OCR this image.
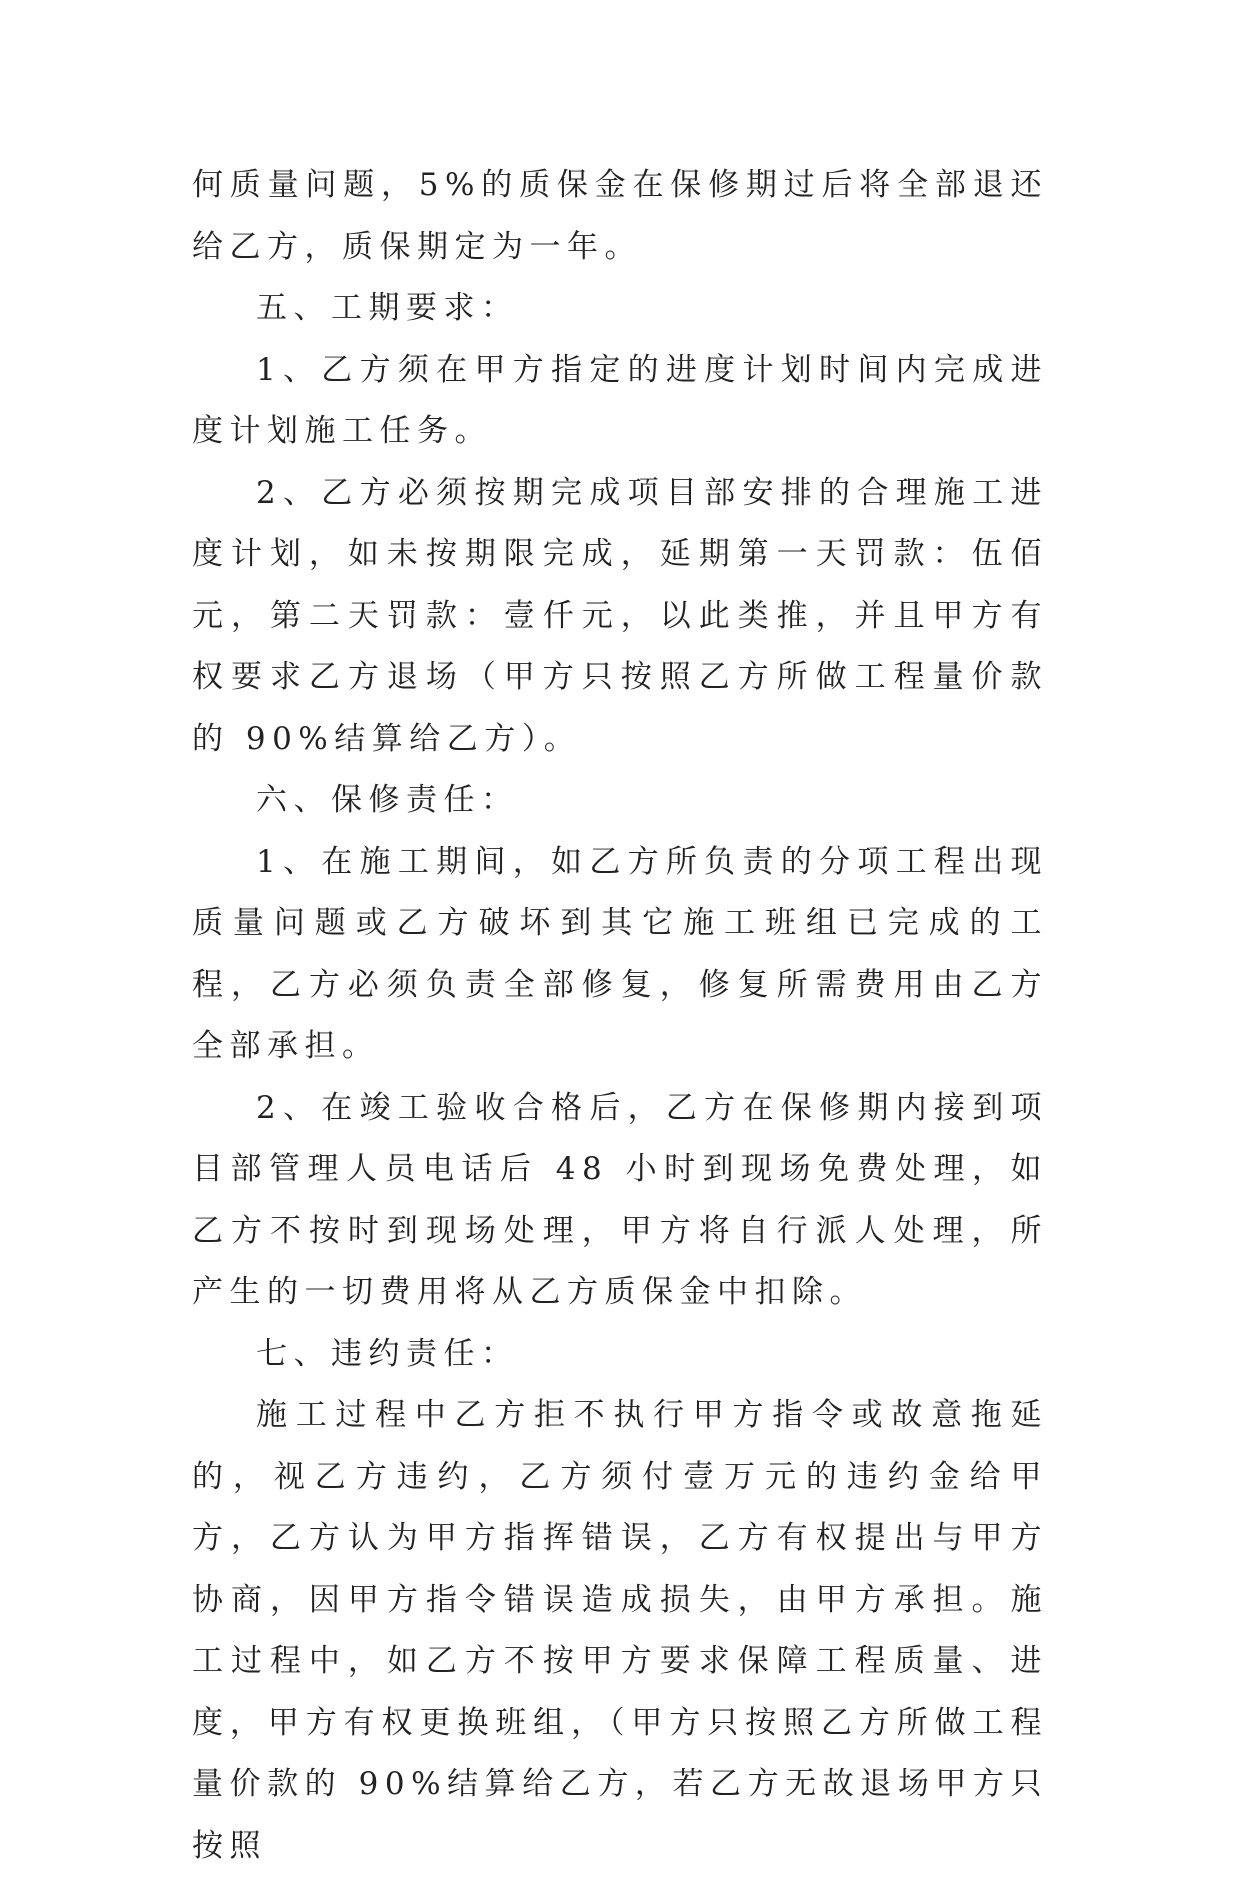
何质量问题，5%的质保金在保修期过后将全部退还给乙方，质保期定为一年。

五、工期要求：

1、乙方须在甲方指定的进度计划时间内完成进度计划施工任务。

2、乙方必须按期完成项目部安排的合理施工进度计划，如未按期限完成，延期第一天罚款：伍佰元，第二天罚款：壹仟元，以此类推，并且甲方有权要求乙方退场（甲方只按照乙方所做工程量价款的 90%结算给乙方）。

六、保修责任：

1、在施工期间，如乙方所负责的分项工程出现质量问题或乙方破坏到其它施工班组已完成的工程，乙方必须负责全部修复，修复所需费用由乙方全部承担。

2、在竣工验收合格后，乙方在保修期内接到项目部管理人员电话后 48 小时到现场免费处理，如乙方不按时到现场处理，甲方将自行派人处理，所产生的一切费用将从乙方质保金中扣除。

七、违约责任：

施工过程中乙方拒不执行甲方指令或故意拖延的，视乙方违约，乙方须付壹万元的违约金给甲方，乙方认为甲方指挥错误，乙方有权提出与甲方协商，因甲方指令错误造成损失，由甲方承担。施工过程中，如乙方不按甲方要求保障工程质量、进度，甲方有权更换班组，（甲方只按照乙方所做工程量价款的 90%结算给乙方，若乙方无故退场甲方只按照
